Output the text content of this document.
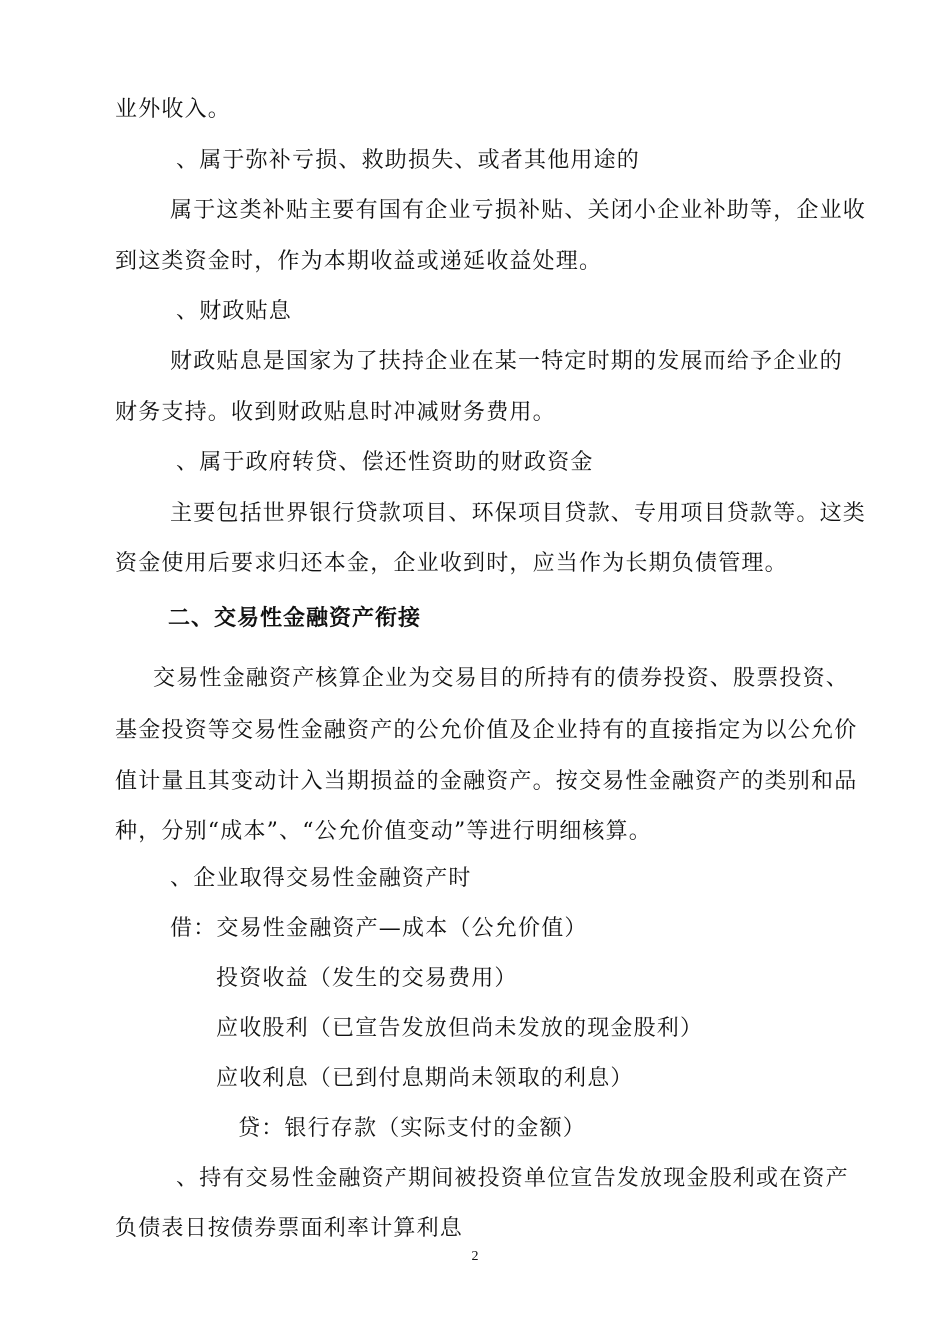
业外收入。
、属于弥补亏损、救助损失、或者其他用途的
属于这类补贴主要有国有企业亏损补贴、关闭小企业补助等，企业收
到这类资金时，作为本期收益或递延收益处理。
、财政贴息
财政贴息是国家为了扶持企业在某一特定时期的发展而给予企业的
财务支持。收到财政贴息时冲减财务费用。
、属于政府转贷、偿还性资助的财政资金
主要包括世界银行贷款项目、环保项目贷款、专用项目贷款等。这类
资金使用后要求归还本金，企业收到时，应当作为长期负债管理。
二、交易性金融资产衔接
交易性金融资产核算企业为交易目的所持有的债券投资、股票投资、
基金投资等交易性金融资产的公允价值及企业持有的直接指定为以公允价
值计量且其变动计入当期损益的金融资产。按交易性金融资产的类别和品
种，分别“成本”、“公允价值变动”等进行明细核算。
、企业取得交易性金融资产时
借：交易性金融资产—成本（公允价值）
投资收益（发生的交易费用）
应收股利（已宣告发放但尚未发放的现金股利）
应收利息（已到付息期尚未领取的利息）
贷：银行存款（实际支付的金额）
、持有交易性金融资产期间被投资单位宣告发放现金股利或在资产
负债表日按债券票面利率计算利息
2
